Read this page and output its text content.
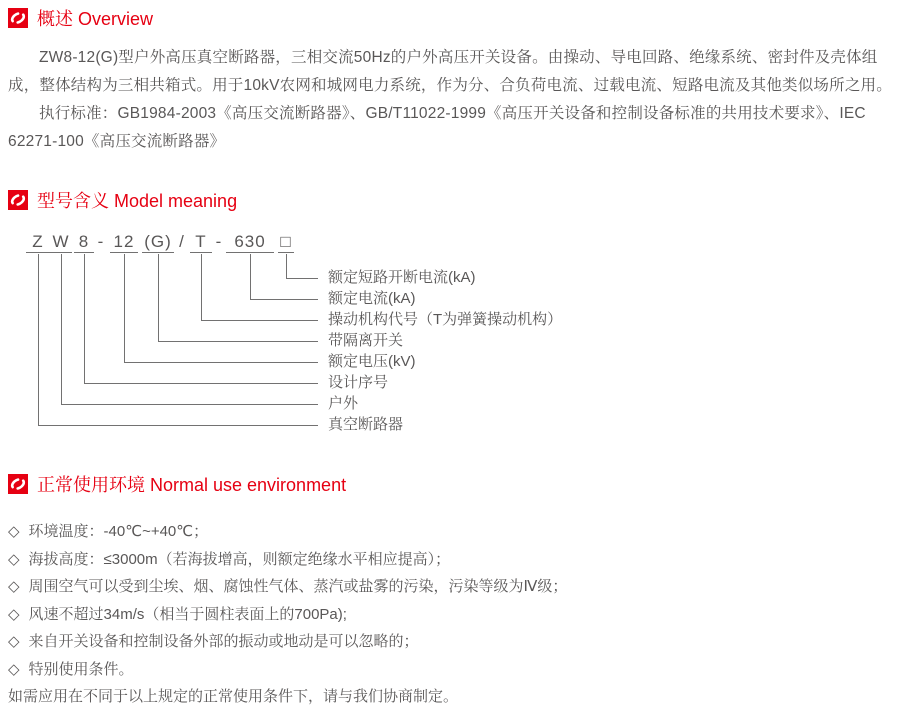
概述 Overview

ZW8-12(G)型户外高压真空断路器，三相交流50Hz的户外高压开关设备。由操动、导电回路、绝缘系统、密封件及壳体组成，整体结构为三相共箱式。用于10kV农网和城网电力系统，作为分、合负荷电流、过载电流、短路电流及其他类似场所之用。

执行标准：GB1984-2003《高压交流断路器》、GB/T11022-1999《高压开关设备和控制设备标准的共用技术要求》、IEC 62271-100《高压交流断路器》

型号含义 Model meaning
Z W 8 - 12 (G) / T - 630 □
额定短路开断电流(kA)
额定电流(kA)
操动机构代号（T为弹簧操动机构）
带隔离开关
额定电压(kV)
设计序号
户外
真空断路器
正常使用环境 Normal use environment
◇ 环境温度：-40℃~+40℃；
◇ 海拔高度：≤3000m（若海拔增高，则额定绝缘水平相应提高）；
◇ 周围空气可以受到尘埃、烟、腐蚀性气体、蒸汽或盐雾的污染，污染等级为Ⅳ级；
◇ 风速不超过34m/s（相当于圆柱表面上的700Pa);
◇ 来自开关设备和控制设备外部的振动或地动是可以忽略的；
◇ 特别使用条件。
如需应用在不同于以上规定的正常使用条件下，请与我们协商制定。
